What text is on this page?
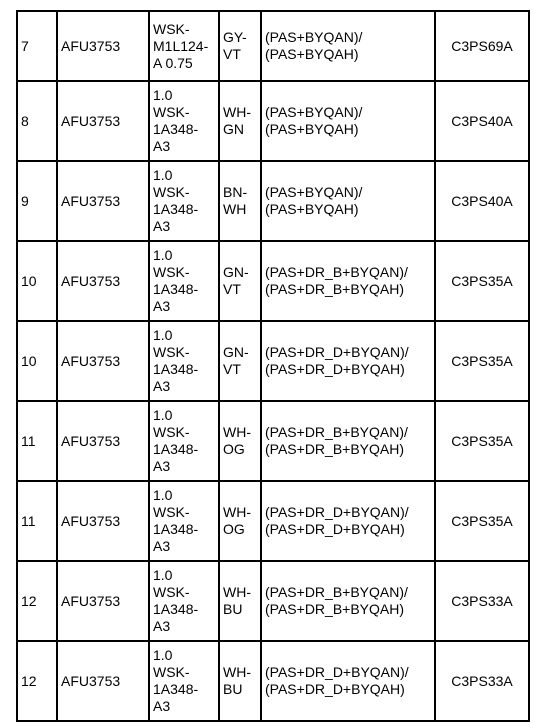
7	AFU3753	WSK-
M1L124-
A 0.75	GY-
VT	(PAS+BYQAN)/
(PAS+BYQAH)	C3PS69A
8	AFU3753	1.0
WSK-
1A348-
A3	WH-
GN	(PAS+BYQAN)/
(PAS+BYQAH)	C3PS40A
9	AFU3753	1.0
WSK-
1A348-
A3	BN-
WH	(PAS+BYQAN)/
(PAS+BYQAH)	C3PS40A
10	AFU3753	1.0
WSK-
1A348-
A3	GN-
VT	(PAS+DR_B+BYQAN)/
(PAS+DR_B+BYQAH)	C3PS35A
10	AFU3753	1.0
WSK-
1A348-
A3	GN-
VT	(PAS+DR_D+BYQAN)/
(PAS+DR_D+BYQAH)	C3PS35A
11	AFU3753	1.0
WSK-
1A348-
A3	WH-
OG	(PAS+DR_B+BYQAN)/
(PAS+DR_B+BYQAH)	C3PS35A
11	AFU3753	1.0
WSK-
1A348-
A3	WH-
OG	(PAS+DR_D+BYQAN)/
(PAS+DR_D+BYQAH)	C3PS35A
12	AFU3753	1.0
WSK-
1A348-
A3	WH-
BU	(PAS+DR_B+BYQAN)/
(PAS+DR_B+BYQAH)	C3PS33A
12	AFU3753	1.0
WSK-
1A348-
A3	WH-
BU	(PAS+DR_D+BYQAN)/
(PAS+DR_D+BYQAH)	C3PS33A
